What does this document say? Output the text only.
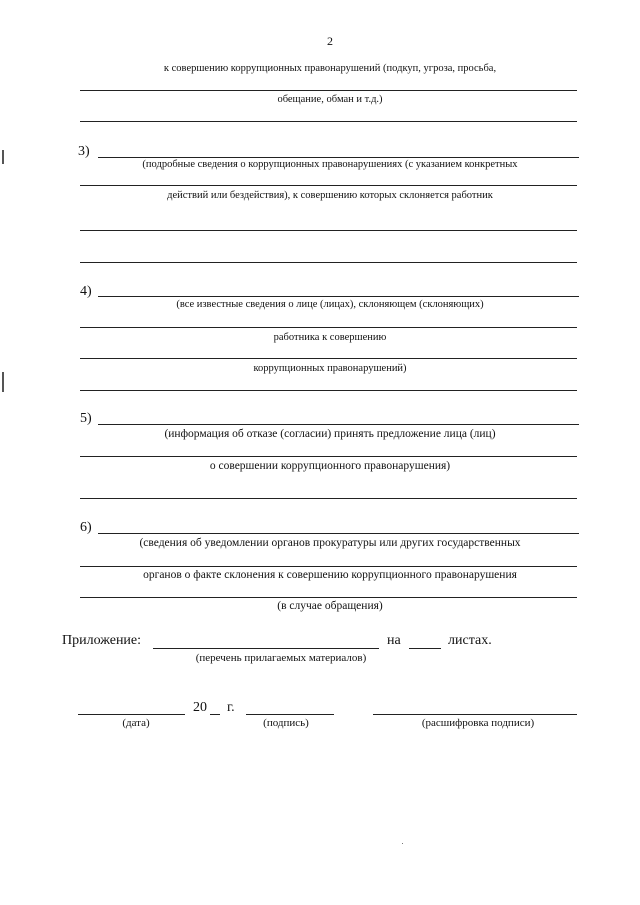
2
к совершению коррупционных правонарушений (подкуп, угроза, просьба,
обещание, обман и т.д.)
3)
(подробные сведения о коррупционных правонарушениях (с указанием конкретных
действий или бездействия), к совершению которых склоняется работник
4)
(все известные сведения о лице (лицах), склоняющем (склоняющих)
работника к совершению
коррупционных правонарушений)
5)
(информация об отказе (согласии) принять предложение лица (лиц)
о совершении коррупционного правонарушения)
6)
(сведения об уведомлении органов прокуратуры или других государственных
органов о факте склонения к совершению коррупционного правонарушения
(в случае обращения)
Приложение:	на	листах.
(перечень прилагаемых материалов)
20 г.
(дата)	(подпись)	(расшифровка подписи)
